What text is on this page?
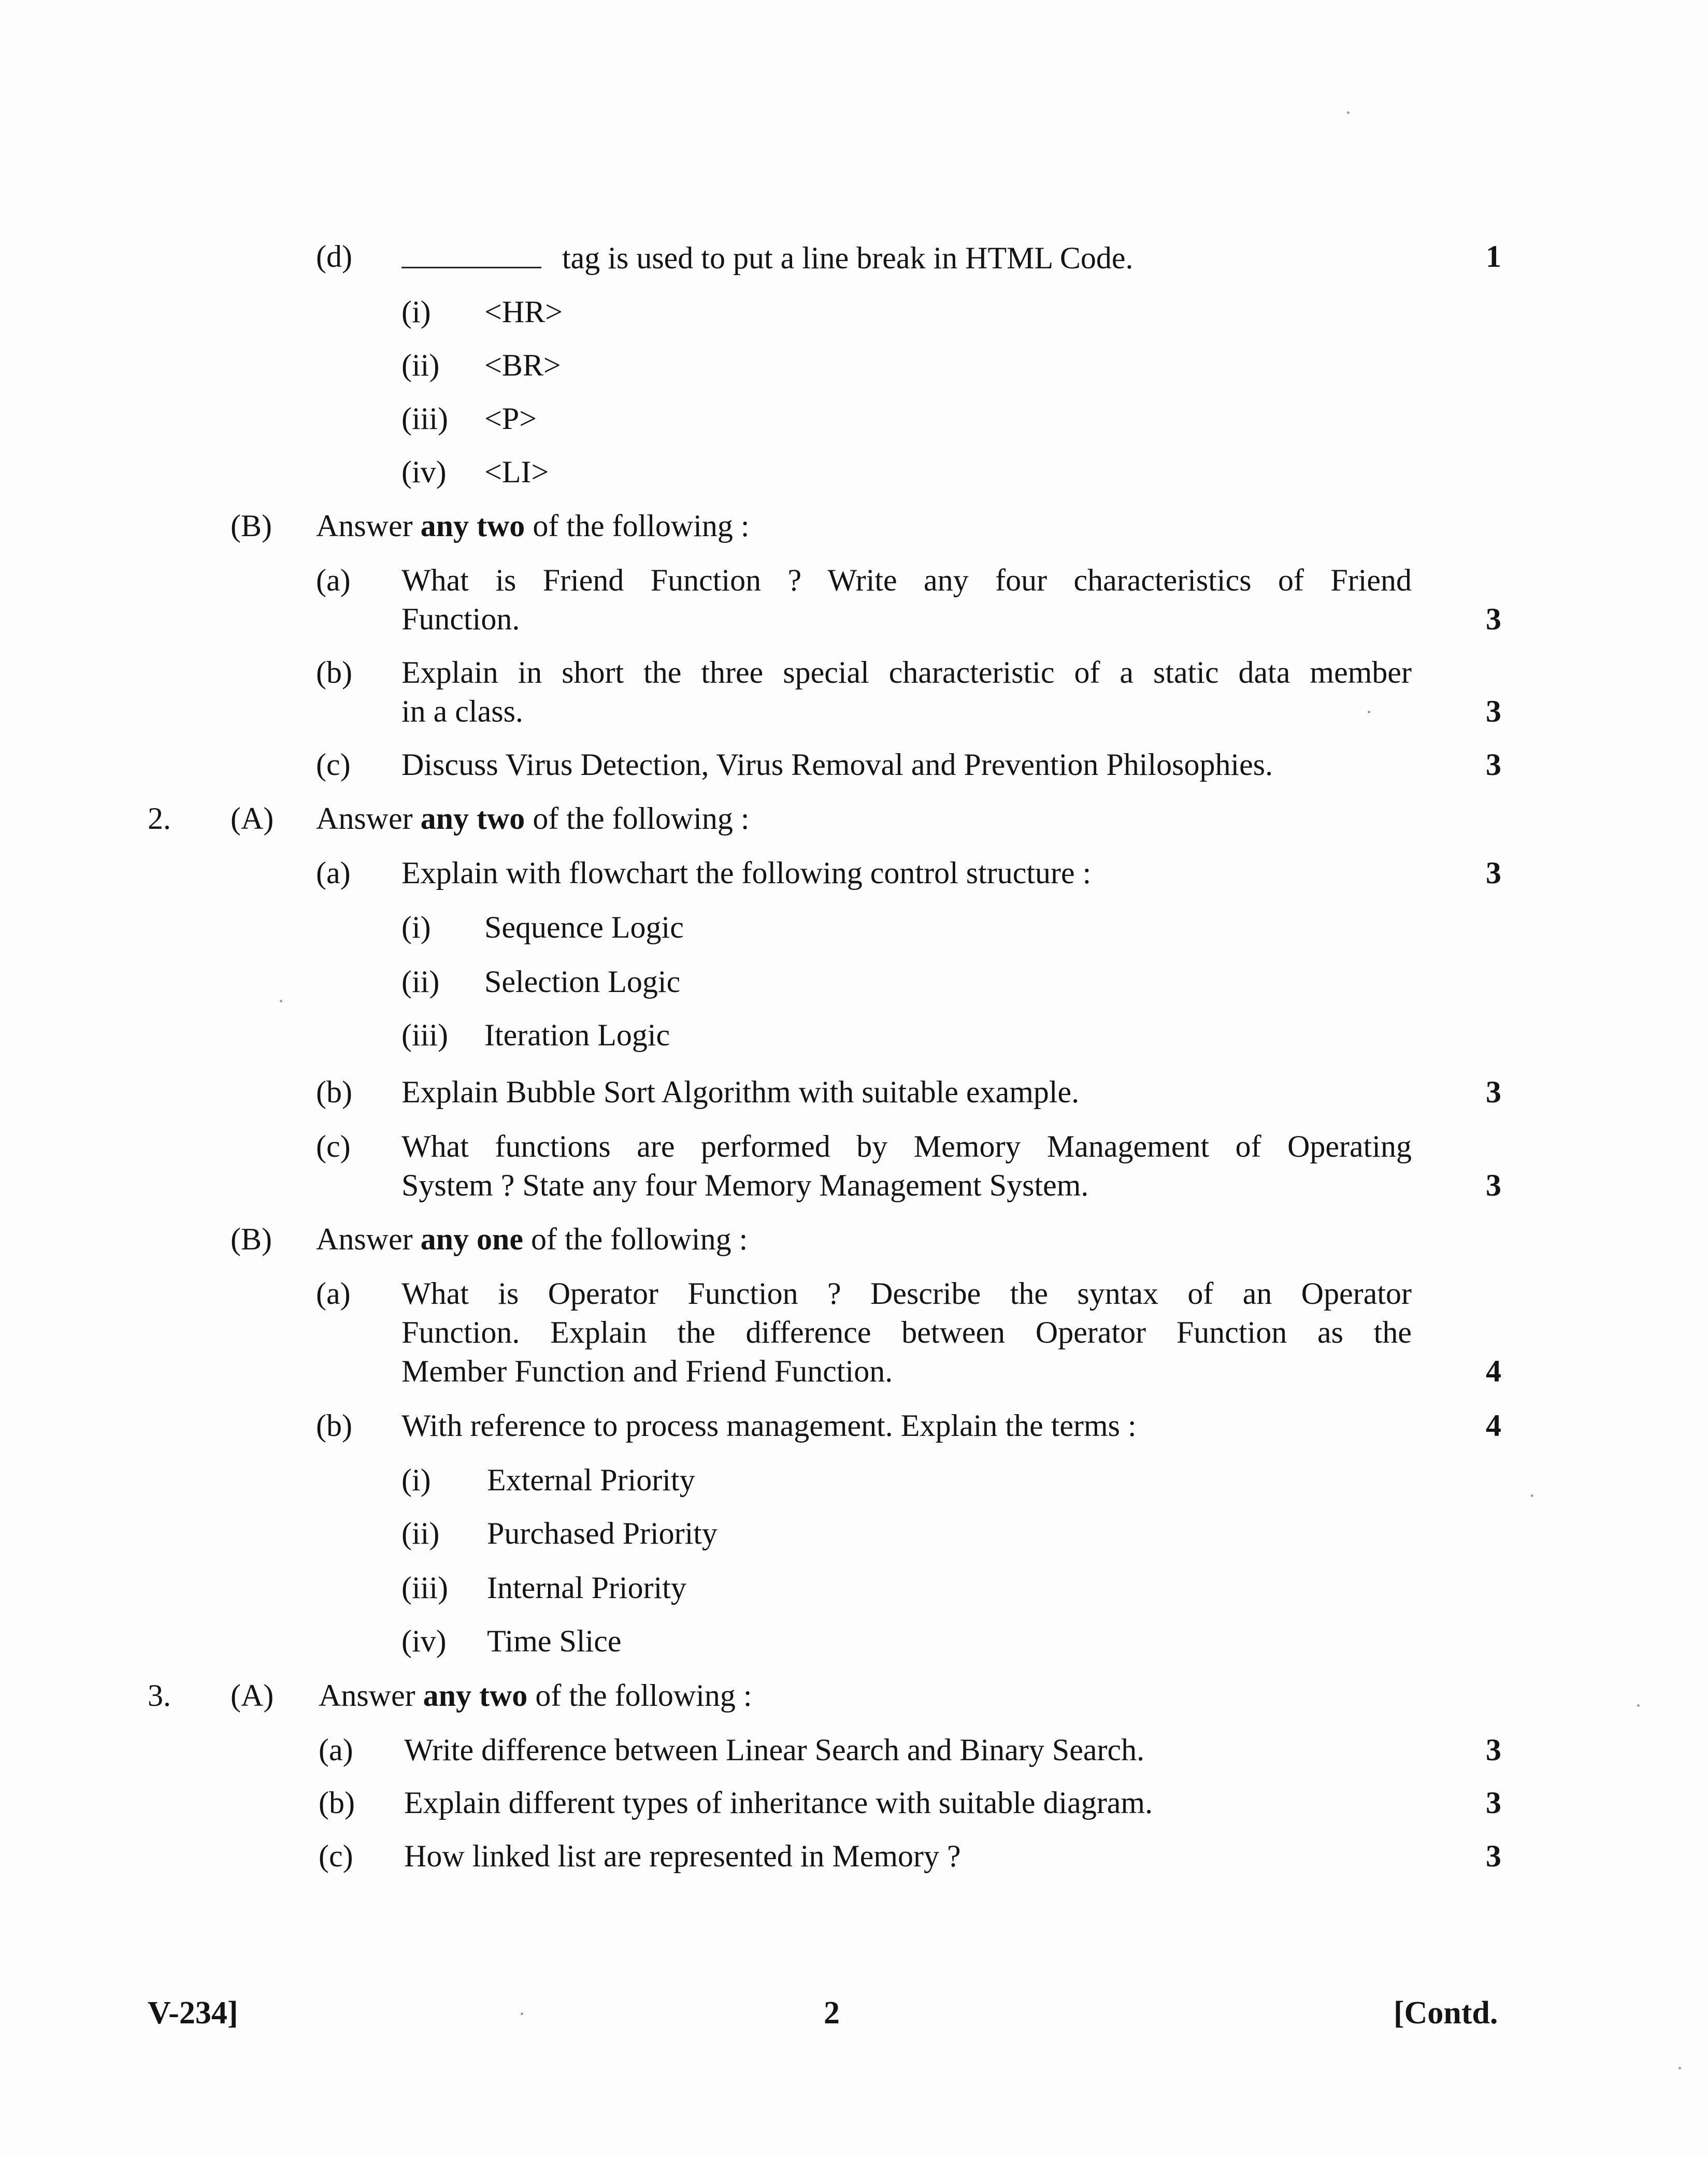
(d)	tag is used to put a line break in HTML Code.	1
(i) <HR>
(ii) <BR>
(iii) <P>
(iv) <LI>
(B) Answer any two of the following :
(a) What is Friend Function ? Write any four characteristics of Friend
Function.	3
(b) Explain in short the three special characteristic of a static data member
in a class.	3
(c) Discuss Virus Detection, Virus Removal and Prevention Philosophies.	3
2. (A) Answer any two of the following :
(a) Explain with flowchart the following control structure :	3
(i) Sequence Logic
(ii) Selection Logic
(iii) Iteration Logic
(b) Explain Bubble Sort Algorithm with suitable example.	3
(c) What functions are performed by Memory Management of Operating
System ? State any four Memory Management System.	3
(B) Answer any one of the following :
(a) What is Operator Function ? Describe the syntax of an Operator
Function. Explain the difference between Operator Function as the
Member Function and Friend Function.	4
(b) With reference to process management. Explain the terms :	4
(i) External Priority
(ii) Purchased Priority
(iii) Internal Priority
(iv) Time Slice
3. (A) Answer any two of the following :
(a) Write difference between Linear Search and Binary Search.	3
(b) Explain different types of inheritance with suitable diagram.	3
(c) How linked list are represented in Memory ?	3
V-234]	2	[Contd.
